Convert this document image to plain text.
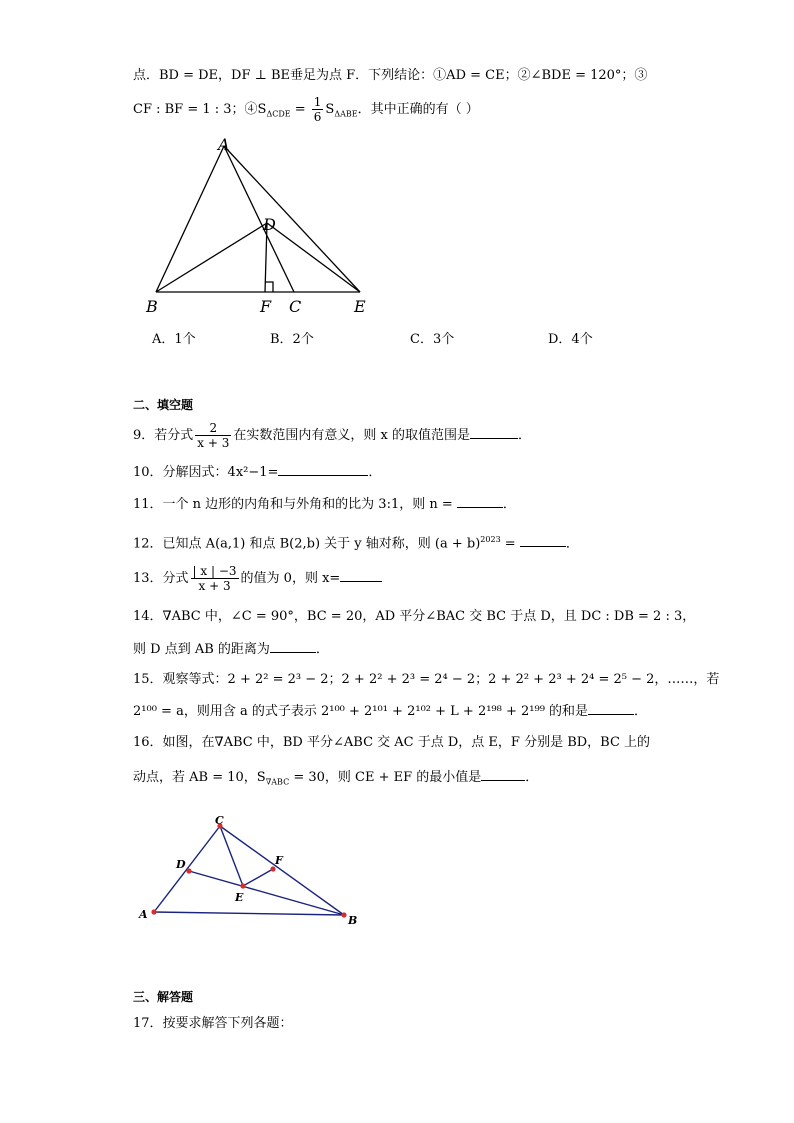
点．BD = DE，DF ⊥ BE垂足为点 F．下列结论：①AD = CE；②∠BDE = 120°；③
CF : BF = 1 : 3；$④S_{\Delta CDE} = \frac{1}{6} S_{\Delta ABE}$．其中正确的有（ ）
A
B	C
D
E
F
A．1个	B．2个	C．3个	D．4个
二、填空题
9．若分式 $\frac{2}{x + 3}$ 在实数范围内有意义，则 x 的取值范围是	．
10．分解因式：4x²−1=	．
11．一个 n 边形的内角和与外角和的比为 3:1，则 n =	．
12．已知点 A(a,1) 和点 B(2,b) 关于 y 轴对称，则 $(a + b)^{2023}$ =	．
13．分式 $\frac{| x | -3}{x + 3}$ 的值为 0，则 x=
14．∇ABC 中，∠C = 90°，BC = 20，AD 平分∠BAC 交 BC 于点 D，且 DC : DB = 2 : 3，
则 D 点到 AB 的距离为	．
15．观察等式：2 + 2² = 2³ − 2；2 + 2² + 2³ = 2⁴ − 2；2 + 2² + 2³ + 2⁴ = 2⁵ − 2，……，若
2¹⁰⁰ = a，则用含 a 的式子表示 2¹⁰⁰ + 2¹⁰¹ + 2¹⁰² + L + 2¹⁹⁸ + 2¹⁹⁹ 的和是	．
16．如图，在∇ABC 中，BD 平分∠ABC 交 AC 于点 D，点 E，F 分别是 BD，BC 上的
动点，若 AB = 10，$S_{\nabla ABC} = 30$，则 CE + EF 的最小值是	．
C
A	B
D
E
F
三、解答题
17．按要求解答下列各题：
